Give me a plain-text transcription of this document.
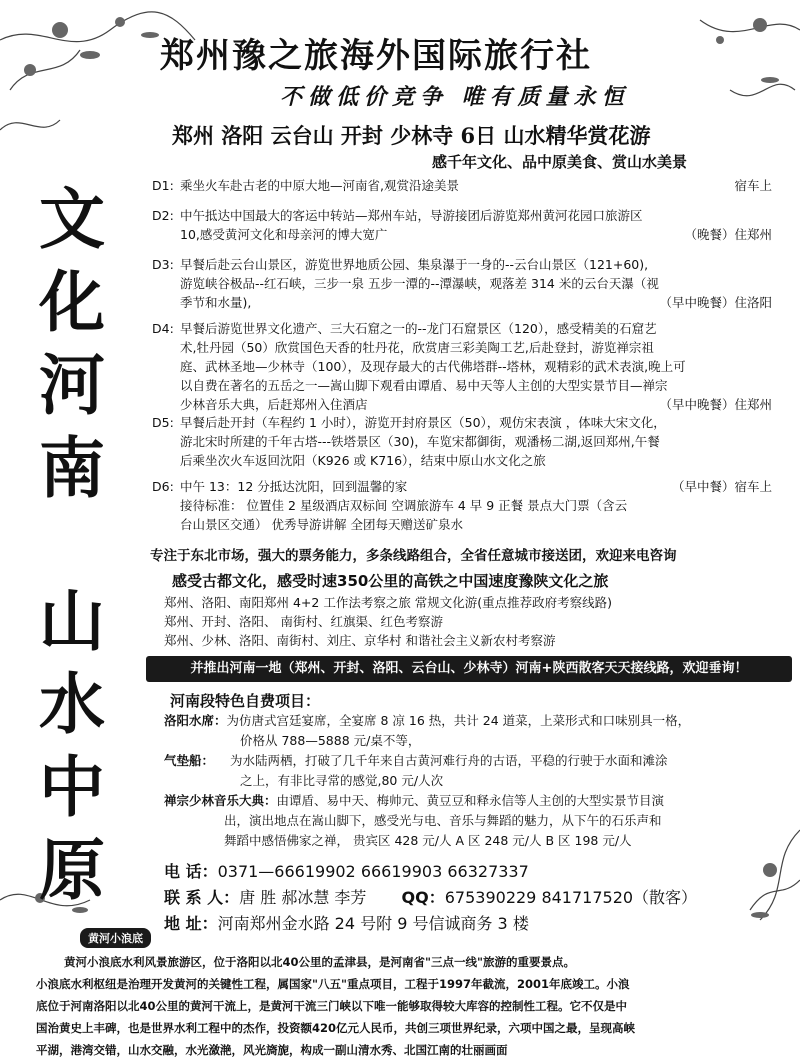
郑州豫之旅海外国际旅行社
不做低价竞争 唯有质量永恒
郑州 洛阳 云台山 开封 少林寺 6日 山水精华赏花游
感千年文化、品中原美食、赏山水美景
文
化
河
南
山
水
中
原
D1:	宿车上
乘坐火车赴古老的中原大地—河南省,观赏沿途美景
D2: 中午抵达中国最大的客运中转站—郑州车站，导游接团后游览郑州黄河花园口旅游区
（晚餐）住郑州
10,感受黄河文化和母亲河的博大宽广
D3: 早餐后赴云台山景区，游览世界地质公园、集泉瀑于一身的--云台山景区（121+60),
游览峡谷极品--红石峡，三步一泉 五步一潭的--潭瀑峡，观落差 314 米的云台天瀑（视
（早中晚餐）住洛阳
季节和水量),
D4: 早餐后游览世界文化遗产、三大石窟之一的--龙门石窟景区（120），感受精美的石窟艺
术,牡丹园（50）欣赏国色天香的牡丹花，欣赏唐三彩美陶工艺,后赴登封，游览禅宗祖
庭、武林圣地—少林寺（100），及现存最大的古代佛塔群--塔林，观精彩的武术表演,晚上可
以自费在著名的五岳之一—嵩山脚下观看由谭盾、易中天等人主创的大型实景节目—禅宗
（早中晚餐）住郑州
少林音乐大典，后赶郑州入住酒店
D5: 早餐后赴开封（车程约 1 小时），游览开封府景区（50），观仿宋表演 ，体味大宋文化，
游北宋时所建的千年古塔---铁塔景区（30)，车览宋都御街，观潘杨二湖,返回郑州,午餐
后乘坐次火车返回沈阳（K926 或 K716），结束中原山水文化之旅
D6:	（早中餐）宿车上
中午 13：12 分抵达沈阳，回到温馨的家
接待标准： 位置佳 2 星级酒店双标间 空调旅游车 4 早 9 正餐 景点大门票（含云
台山景区交通） 优秀导游讲解 全团每天赠送矿泉水
专注于东北市场，强大的票务能力，多条线路组合，全省任意城市接送团，欢迎来电咨询
感受古都文化，感受时速350公里的高铁之中国速度豫陕文化之旅
郑州、洛阳、南阳郑州 4+2 工作法考察之旅 常规文化游(重点推荐政府考察线路)
郑州、开封、洛阳、 南街村、红旗渠、红色考察游
郑州、少林、洛阳、南街村、刘庄、京华村 和谐社会主义新农村考察游
并推出河南一地（郑州、开封、洛阳、云台山、少林寺）河南+陕西散客天天接线路，欢迎垂询！
河南段特色自费项目：
洛阳水席：为仿唐式宫廷宴席，全宴席 8 凉 16 热，共计 24 道菜，上菜形式和口味别具一格，
价格从 788—5888 元/桌不等，
气垫船： 为水陆两栖，打破了几千年来自古黄河难行舟的古语，平稳的行驶于水面和滩涂
之上，有非比寻常的感觉,80 元/人次
禅宗少林音乐大典：由谭盾、易中天、梅帅元、黄豆豆和释永信等人主创的大型实景节目演
出，演出地点在嵩山脚下，感受光与电、音乐与舞蹈的魅力，从下午的石乐声和
舞蹈中感悟佛家之禅， 贵宾区 428 元/人 A 区 248 元/人 B 区 198 元/人
电 话：0371—66619902 66619903 66327337
联 系 人：唐 胜 郝冰慧 李芳 QQ：675390229 841717520（散客）
地 址：河南郑州金水路 24 号附 9 号信诚商务 3 楼
黄河小浪底
黄河小浪底水利风景旅游区，位于洛阳以北40公里的孟津县，是河南省"三点一线"旅游的重要景点。
小浪底水利枢纽是治理开发黄河的关键性工程，属国家"八五"重点项目，工程于1997年截流，2001年底竣工。小浪
底位于河南洛阳以北40公里的黄河干流上，是黄河干流三门峡以下唯一能够取得较大库容的控制性工程。它不仅是中
国治黄史上丰碑，也是世界水利工程中的杰作，投资额420亿元人民币，共创三项世界纪录，六项中国之最，呈现高峡
平湖，港湾交错，山水交融，水光潋滟，风光旖旎，构成一副山清水秀、北国江南的壮丽画面
